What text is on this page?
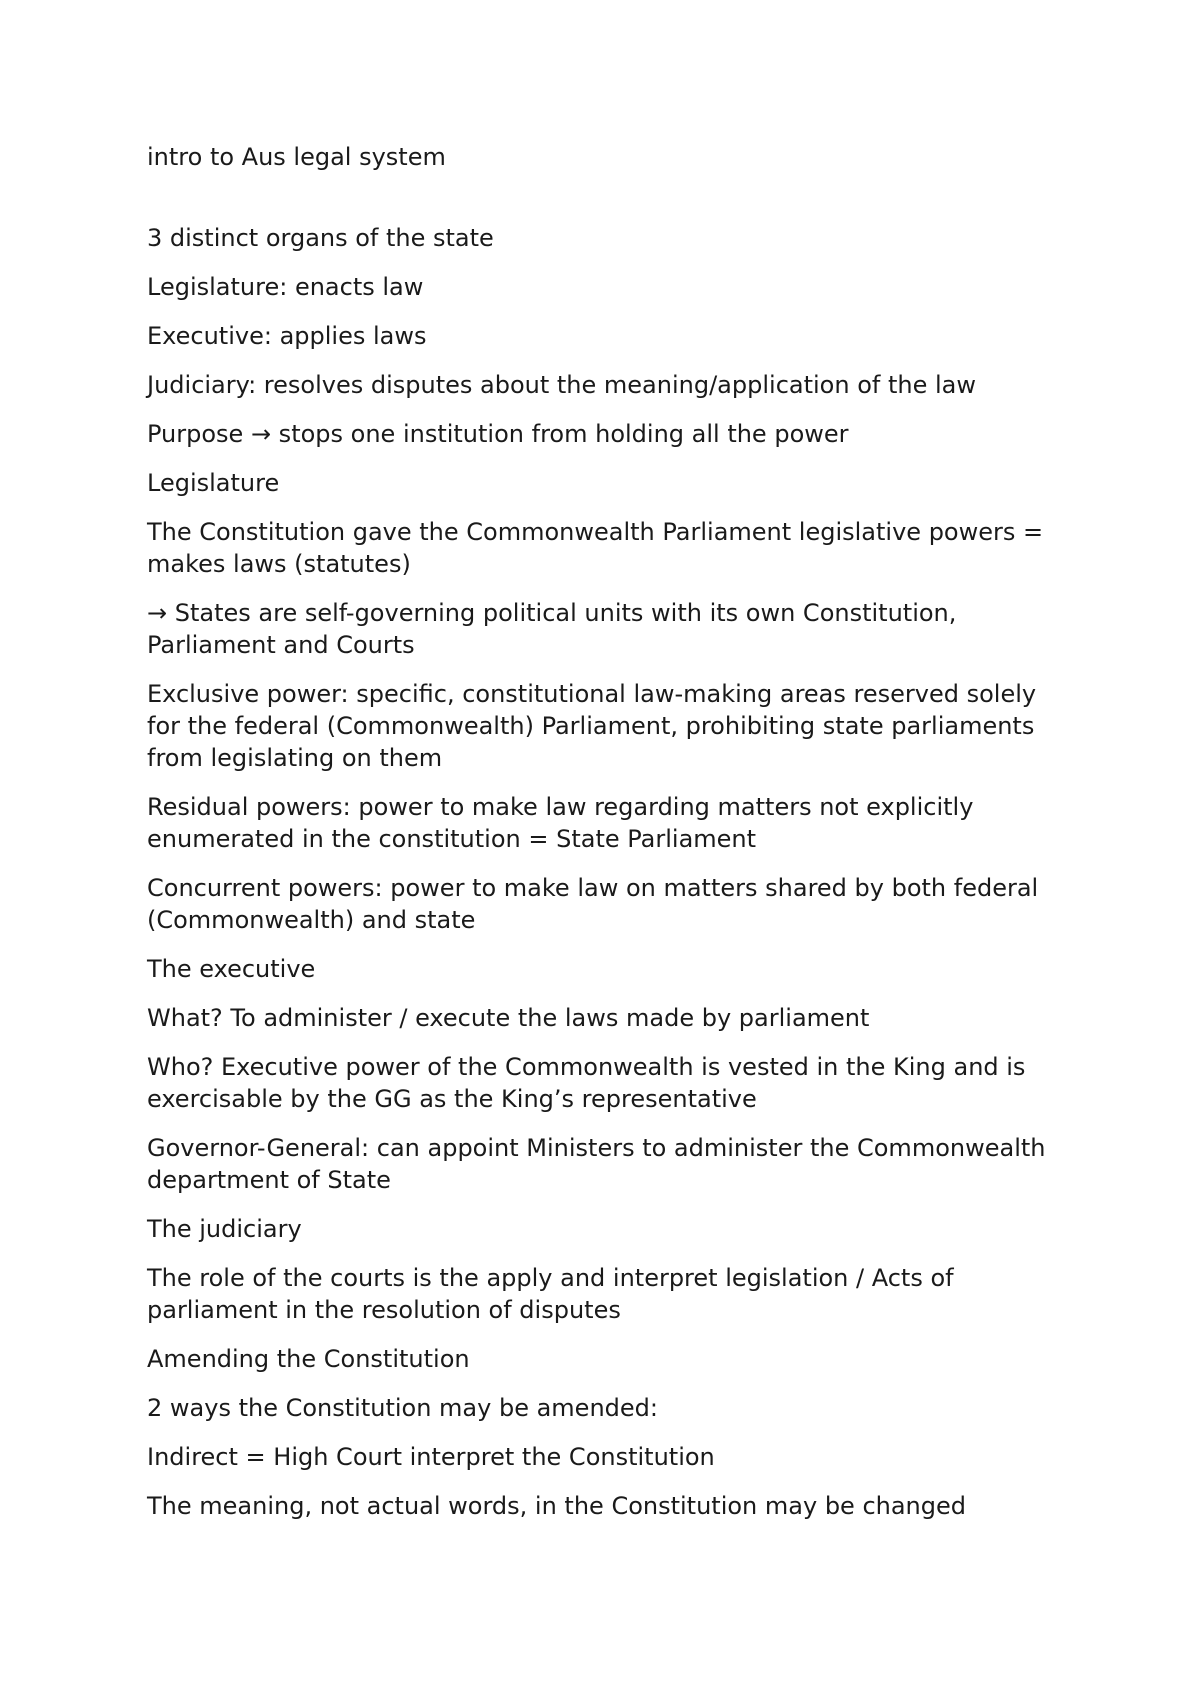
intro to Aus legal system

3 distinct organs of the state

Legislature: enacts law

Executive: applies laws

Judiciary: resolves disputes about the meaning/application of the law

Purpose → stops one institution from holding all the power

Legislature

The Constitution gave the Commonwealth Parliament legislative powers = makes laws (statutes)

→ States are self-governing political units with its own Constitution, Parliament and Courts

Exclusive power: specific, constitutional law-making areas reserved solely for the federal (Commonwealth) Parliament, prohibiting state parliaments from legislating on them

Residual powers: power to make law regarding matters not explicitly enumerated in the constitution = State Parliament

Concurrent powers: power to make law on matters shared by both federal (Commonwealth) and state

The executive

What? To administer / execute the laws made by parliament

Who? Executive power of the Commonwealth is vested in the King and is exercisable by the GG as the King’s representative

Governor-General: can appoint Ministers to administer the Commonwealth department of State

The judiciary

The role of the courts is the apply and interpret legislation / Acts of parliament in the resolution of disputes

Amending the Constitution

2 ways the Constitution may be amended:

Indirect = High Court interpret the Constitution

The meaning, not actual words, in the Constitution may be changed
